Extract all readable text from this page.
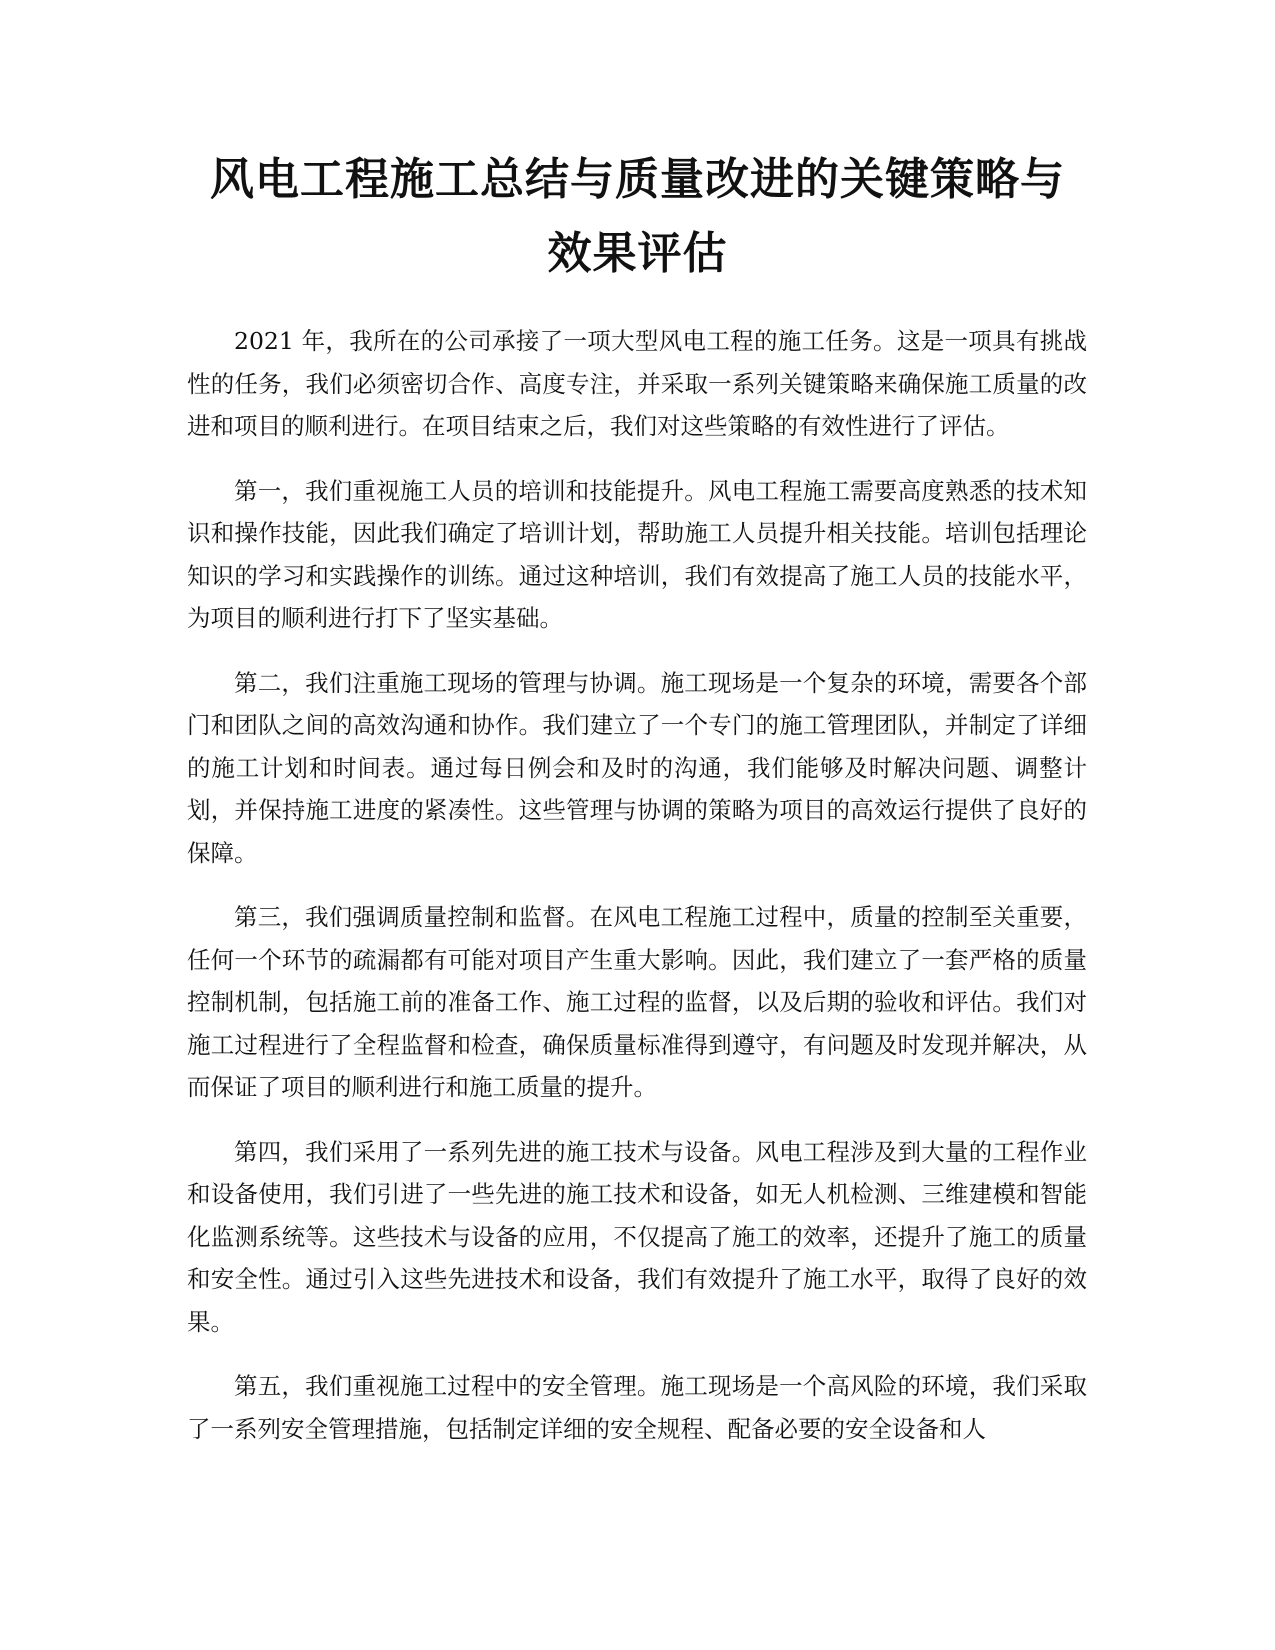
风电工程施工总结与质量改进的关键策略与
效果评估

2021 年，我所在的公司承接了一项大型风电工程的施工任务。这是一项具有挑战性的任务，我们必须密切合作、高度专注，并采取一系列关键策略来确保施工质量的改进和项目的顺利进行。在项目结束之后，我们对这些策略的有效性进行了评估。

第一，我们重视施工人员的培训和技能提升。风电工程施工需要高度熟悉的技术知识和操作技能，因此我们确定了培训计划，帮助施工人员提升相关技能。培训包括理论知识的学习和实践操作的训练。通过这种培训，我们有效提高了施工人员的技能水平，为项目的顺利进行打下了坚实基础。

第二，我们注重施工现场的管理与协调。施工现场是一个复杂的环境，需要各个部门和团队之间的高效沟通和协作。我们建立了一个专门的施工管理团队，并制定了详细的施工计划和时间表。通过每日例会和及时的沟通，我们能够及时解决问题、调整计划，并保持施工进度的紧凑性。这些管理与协调的策略为项目的高效运行提供了良好的保障。

第三，我们强调质量控制和监督。在风电工程施工过程中，质量的控制至关重要，任何一个环节的疏漏都有可能对项目产生重大影响。因此，我们建立了一套严格的质量控制机制，包括施工前的准备工作、施工过程的监督，以及后期的验收和评估。我们对施工过程进行了全程监督和检查，确保质量标准得到遵守，有问题及时发现并解决，从而保证了项目的顺利进行和施工质量的提升。

第四，我们采用了一系列先进的施工技术与设备。风电工程涉及到大量的工程作业和设备使用，我们引进了一些先进的施工技术和设备，如无人机检测、三维建模和智能化监测系统等。这些技术与设备的应用，不仅提高了施工的效率，还提升了施工的质量和安全性。通过引入这些先进技术和设备，我们有效提升了施工水平，取得了良好的效果。

第五，我们重视施工过程中的安全管理。施工现场是一个高风险的环境，我们采取了一系列安全管理措施，包括制定详细的安全规程、配备必要的安全设备和人
